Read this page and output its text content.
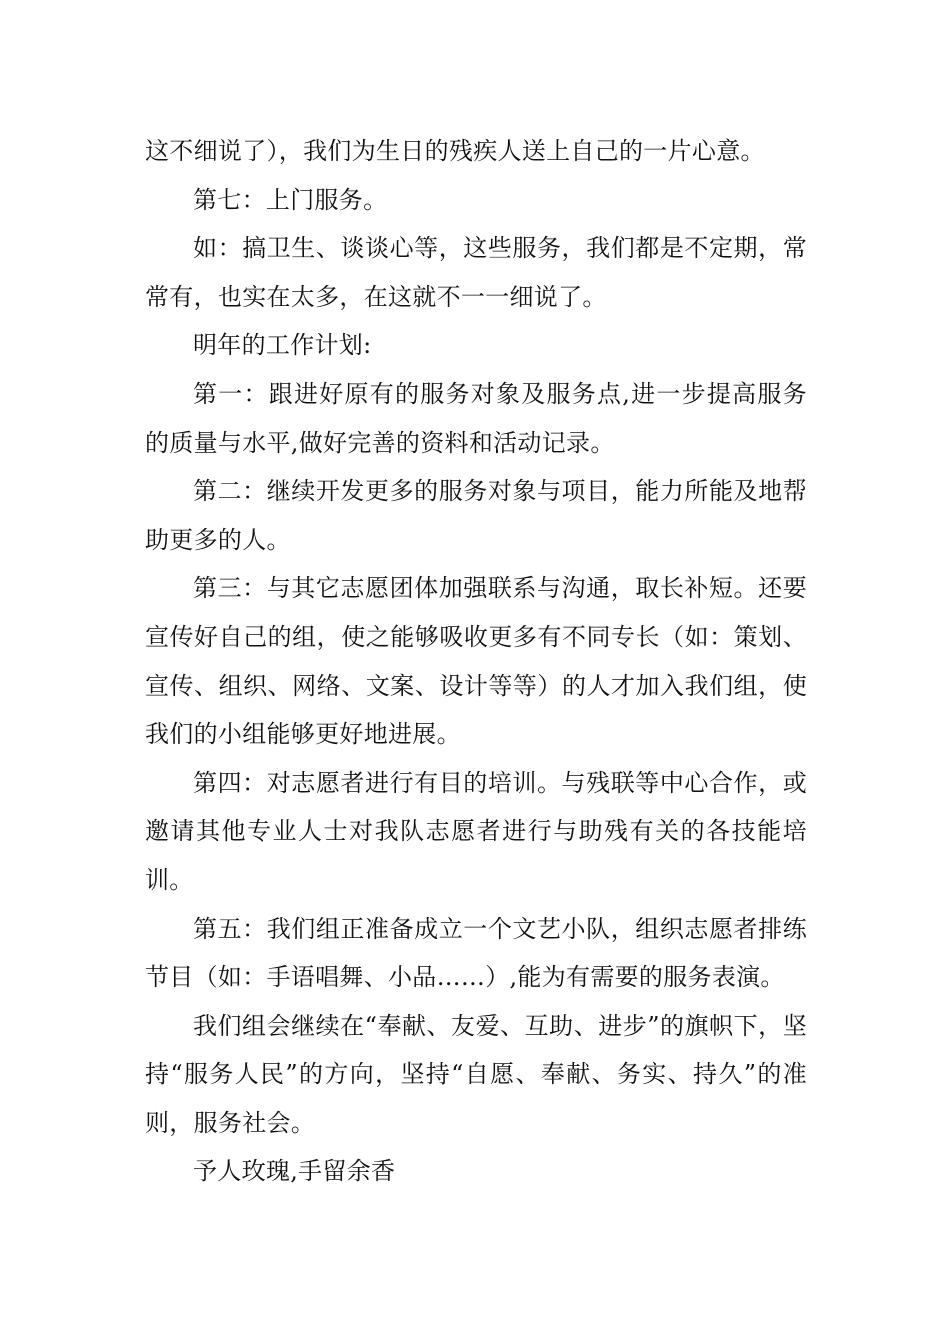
这不细说了），我们为生日的残疾人送上自己的一片心意。

第七：上门服务。

如：搞卫生、谈谈心等，这些服务，我们都是不定期，常常有，也实在太多，在这就不一一细说了。

明年的工作计划:

第一：跟进好原有的服务对象及服务点,进一步提高服务的质量与水平,做好完善的资料和活动记录。

第二：继续开发更多的服务对象与项目，能力所能及地帮助更多的人。

第三：与其它志愿团体加强联系与沟通，取长补短。还要宣传好自己的组，使之能够吸收更多有不同专长（如：策划、宣传、组织、网络、文案、设计等等）的人才加入我们组，使我们的小组能够更好地进展。

第四：对志愿者进行有目的培训。与残联等中心合作，或邀请其他专业人士对我队志愿者进行与助残有关的各技能培训。

第五：我们组正准备成立一个文艺小队，组织志愿者排练节目（如：手语唱舞、小品……）,能为有需要的服务表演。

我们组会继续在“奉献、友爱、互助、进步”的旗帜下，坚持“服务人民”的方向，坚持“自愿、奉献、务实、持久”的准则，服务社会。

予人玫瑰,手留余香
